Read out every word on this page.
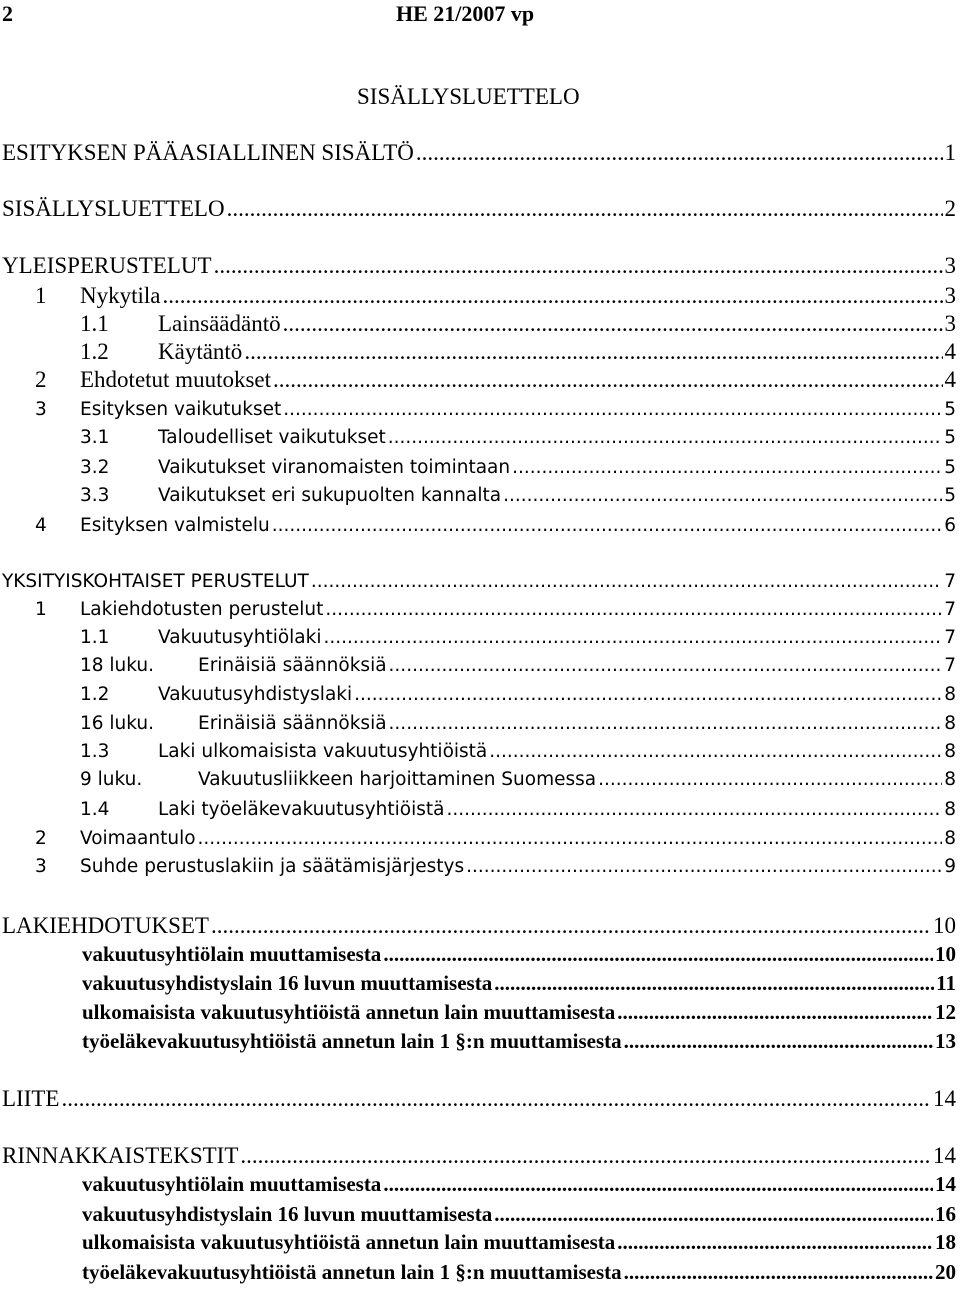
2	HE 21/2007 vp
SISÄLLYSLUETTELO
ESITYKSEN PÄÄASIALLINEN SISÄLTÖ .....	1
SISÄLLYSLUETTELO .....	2
YLEISPERUSTELUT .....	3
1	Nykytila .....	3
1.1	Lainsäädäntö .....	3
1.2	Käytäntö .....	4
2	Ehdotetut muutokset .....	4
3	Esityksen vaikutukset .....	5
3.1	Taloudelliset vaikutukset .....	5
3.2	Vaikutukset viranomaisten toimintaan .....	5
3.3	Vaikutukset eri sukupuolten kannalta .....	5
4	Esityksen valmistelu .....	6
YKSITYISKOHTAISET PERUSTELUT .....	7
1	Lakiehdotusten perustelut .....	7
1.1	Vakuutusyhtiölaki .....	7
18 luku.	Erinäisiä säännöksiä .....	7
1.2	Vakuutusyhdistyslaki .....	8
16 luku.	Erinäisiä säännöksiä .....	8
1.3	Laki ulkomaisista vakuutusyhtiöistä .....	8
9 luku.	Vakuutusliikkeen harjoittaminen Suomessa .....	8
1.4	Laki työeläkevakuutusyhtiöistä .....	8
2	Voimaantulo .....	8
3	Suhde perustuslakiin ja säätämisjärjestys .....	9
LAKIEHDOTUKSET .....	10
vakuutusyhtiölain muuttamisesta .....	10
vakuutusyhdistyslain 16 luvun muuttamisesta .....	11
ulkomaisista vakuutusyhtiöistä annetun lain muuttamisesta .....	12
työeläkevakuutusyhtiöistä annetun lain 1 §:n muuttamisesta .....	13
LIITE .....	14
RINNAKKAISTEKSTIT .....	14
vakuutusyhtiölain muuttamisesta .....	14
vakuutusyhdistyslain 16 luvun muuttamisesta .....	16
ulkomaisista vakuutusyhtiöistä annetun lain muuttamisesta .....	18
työeläkevakuutusyhtiöistä annetun lain 1 §:n muuttamisesta .....	20
